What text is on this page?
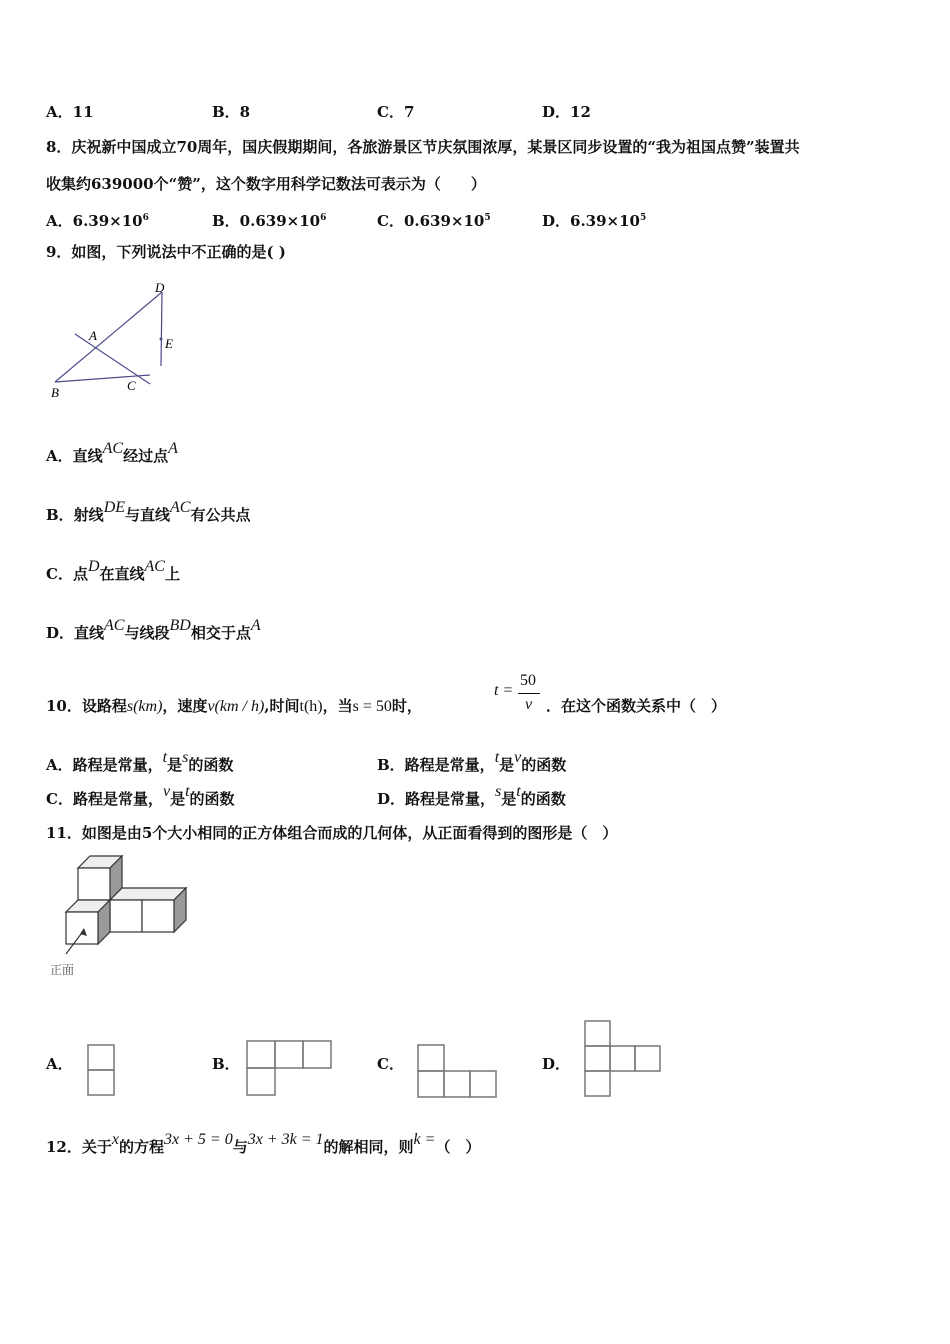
A．11	B．8	C．7	D．12
8．庆祝新中国成立70周年，国庆假期期间，各旅游景区节庆氛围浓厚，某景区同步设置的“我为祖国点赞”装置共
收集约639000个“赞”，这个数字用科学记数法可表示为（　　）
A．$6.39\times 10^6$	B．$0.639\times 10^6$	C．$0.639\times 10^5$	D．$6.39\times 10^5$
9．如图，下列说法中不正确的是( )
D
A
E
B	C
A．直线AC经过点A
B．射线DE与直线AC有公共点
C．点D在直线AC上
D．直线AC与线段BD相交于点A
10．设路程s(km)，速度v(km / h),时间t(h)，当s = 50时，
t =
50
v ．在这个函数关系中（　）
A．路程是常量，t是s的函数	B．路程是常量，t是v的函数
C．路程是常量，v是t的函数	D．路程是常量，s是t的函数
11．如图是由5个大小相同的正方体组合而成的几何体，从正面看得到的图形是（　）
正面
A．	B．	C．	D．
12．关于x的方程3x + 5 = 0与3x + 3k = 1的解相同，则k =（　）
